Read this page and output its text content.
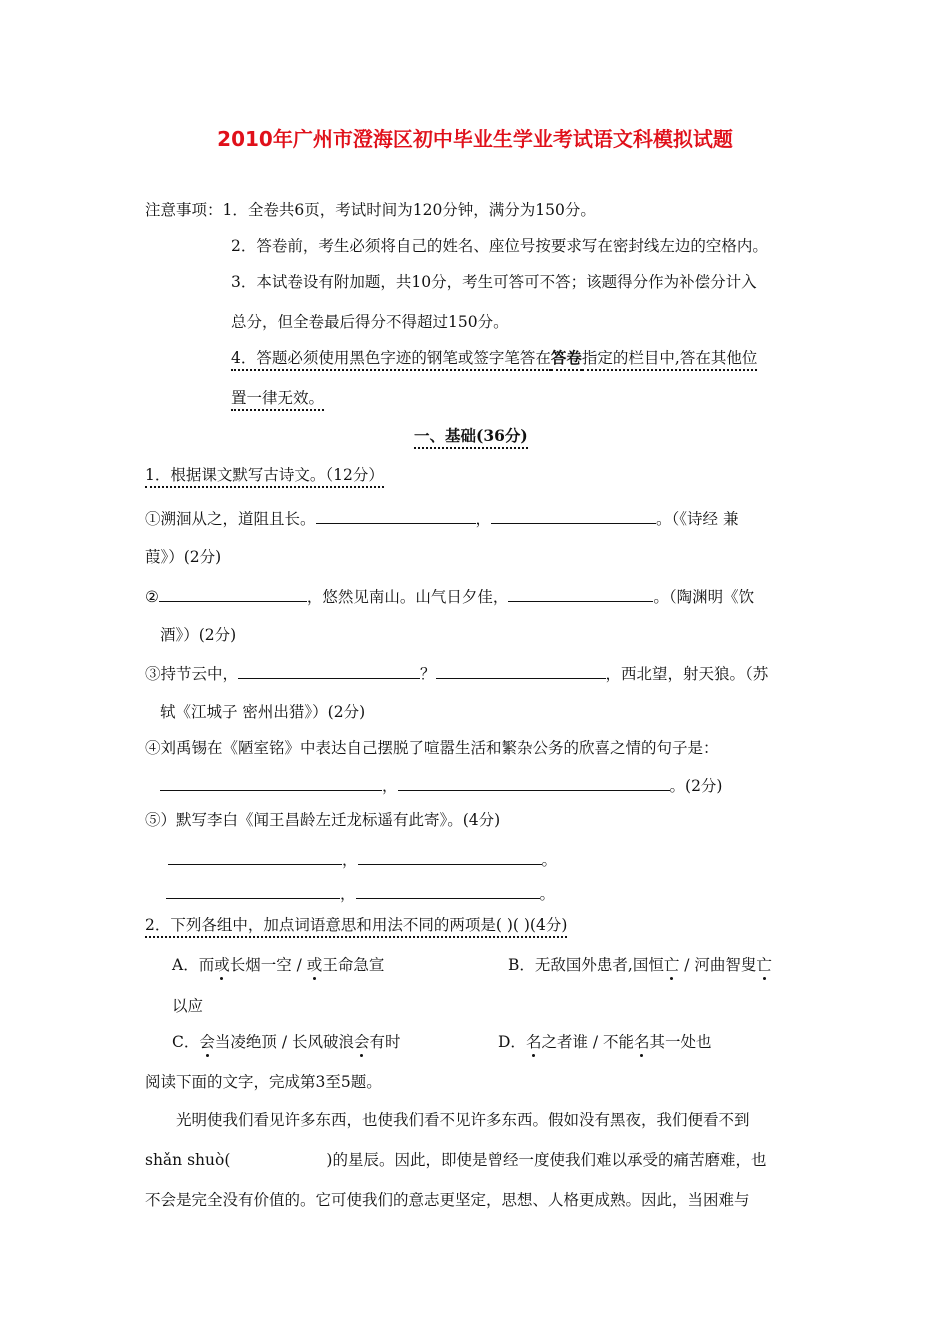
2010年广州市澄海区初中毕业生学业考试语文科模拟试题
注意事项：1．全卷共6页，考试时间为120分钟，满分为150分。
2．答卷前，考生必须将自己的姓名、座位号按要求写在密封线左边的空格内。
3．本试卷设有附加题，共10分，考生可答可不答；该题得分作为补偿分计入
总分，但全卷最后得分不得超过150分。
4．答题必须使用黑色字迹的钢笔或签字笔答在答卷指定的栏目中,答在其他位
置一律无效。
一、基础(36分)
1．根据课文默写古诗文。（12分）
①溯洄从之，道阻且长。	，	。（《诗经 兼
葭》）(2分)
②	，悠然见南山。山气日夕佳，	。（陶渊明《饮
酒》）(2分)
③持节云中，	？	，西北望，射天狼。（苏
轼《江城子 密州出猎》）(2分)
④刘禹锡在《陋室铭》中表达自己摆脱了喧嚣生活和繁杂公务的欣喜之情的句子是：
，	。(2分)
⑤）默写李白《闻王昌龄左迁龙标遥有此寄》。(4分)
，	。
，	。
2．下列各组中，加点词语意思和用法不同的两项是( )( )(4分)
A．而或长烟一空 / 或王命急宣	B．无敌国外患者,国恒亡 / 河曲智叟亡
以应
C．会当凌绝顶 / 长风破浪会有时	D．名之者谁 / 不能名其一处也
阅读下面的文字，完成第3至5题。
光明使我们看见许多东西，也使我们看不见许多东西。假如没有黑夜，我们便看不到
shǎn shuò(	)的星辰。因此，即使是曾经一度使我们难以承受的痛苦磨难，也
不会是完全没有价值的。它可使我们的意志更坚定，思想、人格更成熟。因此，当困难与
